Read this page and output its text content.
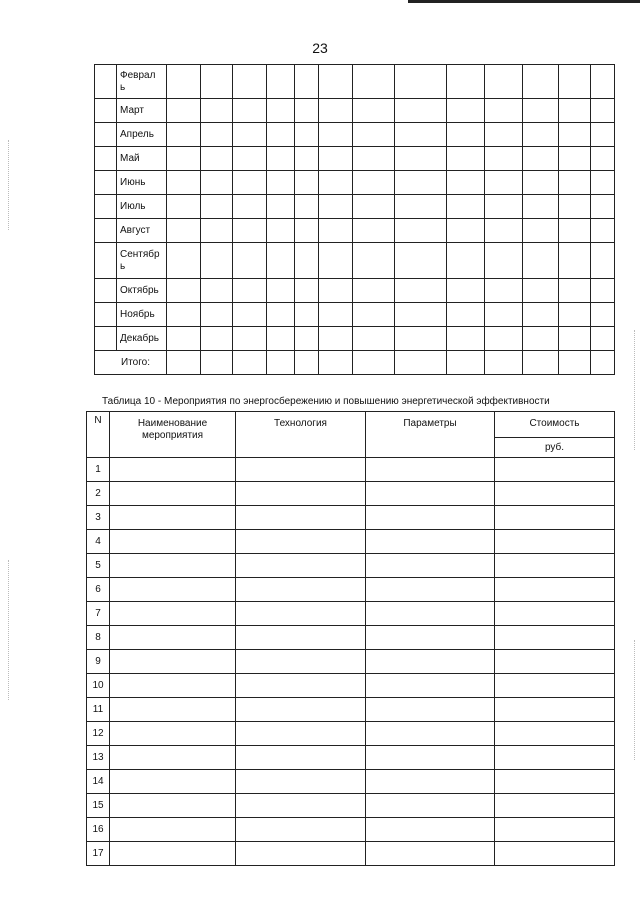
23
	Феврал ь													
	Март													
	Апрель													
	Май													
	Июнь													
	Июль													
	Август													
	Сентябр ь													
	Октябрь													
	Ноябрь													
	Декабрь													
Итого:														
Таблица 10 - Мероприятия по энергосбережению и повышению энергетической эффективности
N	Наименование мероприятия	Технология	Параметры	Стоимость
				руб.
1				
2				
3				
4				
5				
6				
7				
8				
9				
10				
11				
12				
13				
14				
15				
16				
17				
